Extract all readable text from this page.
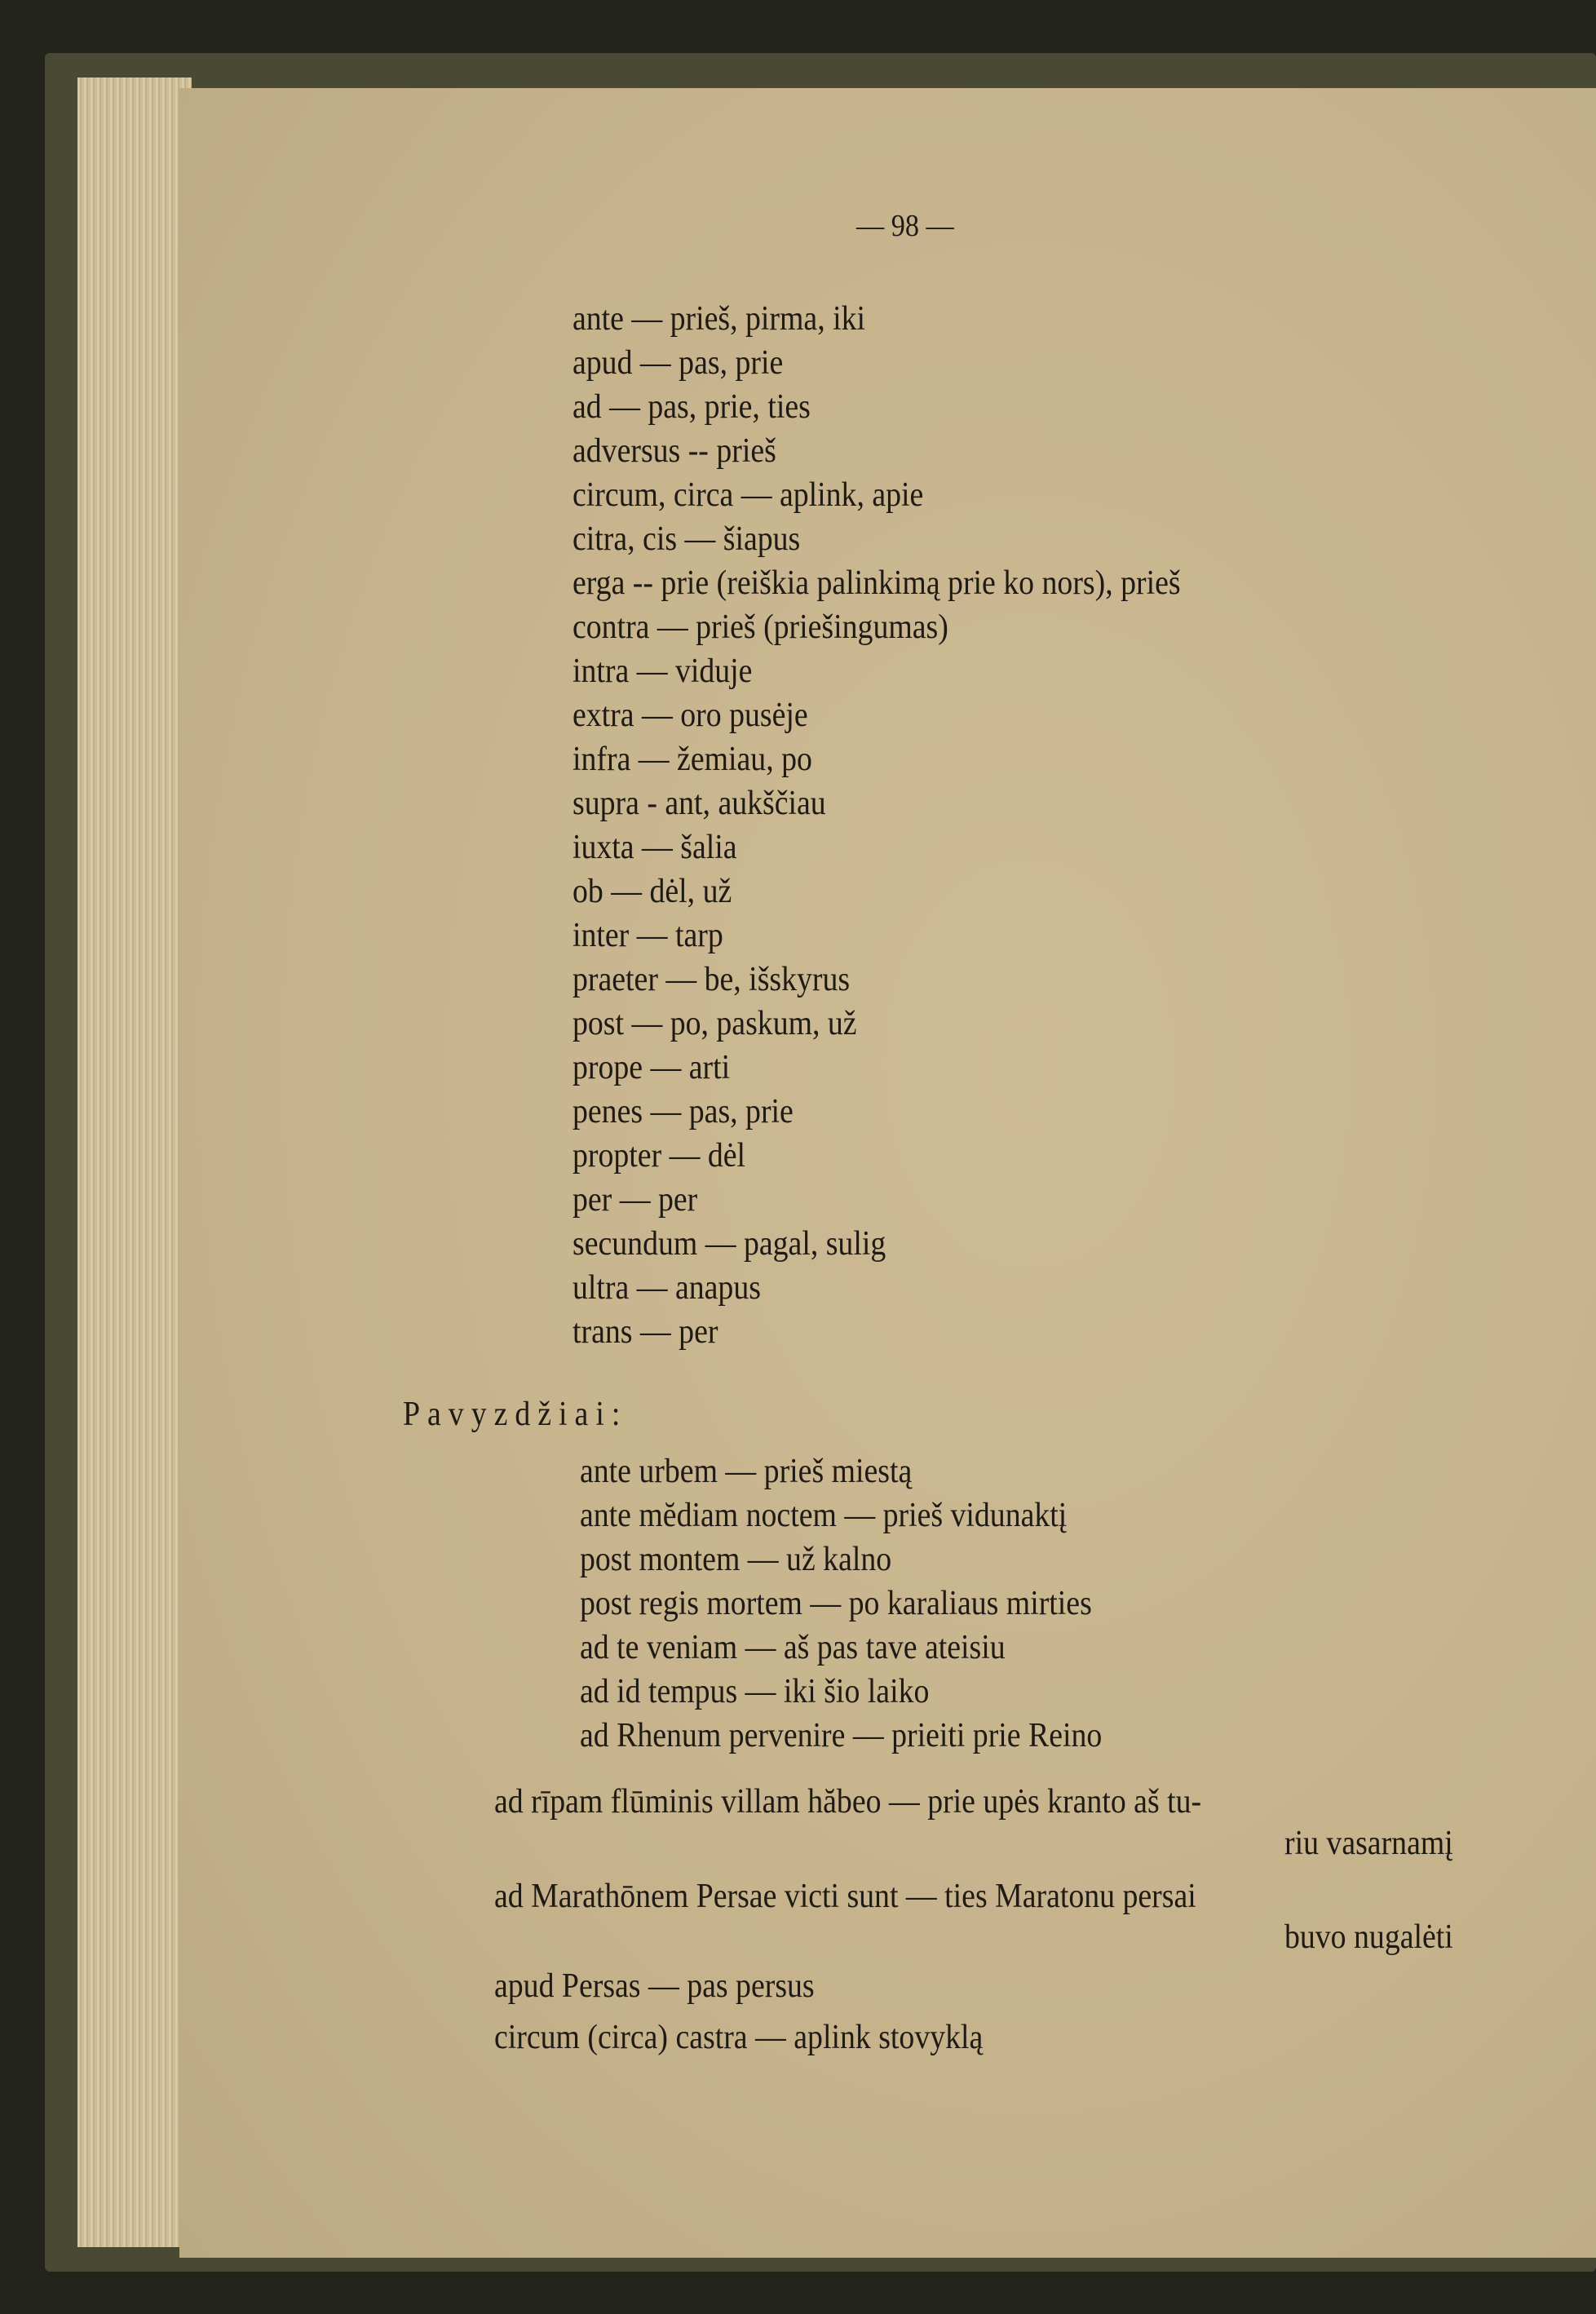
— 98 —
ante — prieš, pirma, iki
apud — pas, prie
ad — pas, prie, ties
adversus -- prieš
circum, circa — aplink, apie
citra, cis — šiapus
erga -- prie (reiškia palinkimą prie ko nors), prieš
contra — prieš (priešingumas)
intra — viduje
extra — oro pusėje
infra — žemiau, po
supra - ant, aukščiau
iuxta — šalia
ob — dėl, už
inter — tarp
praeter — be, išskyrus
post — po, paskum, už
prope — arti
penes — pas, prie
propter — dėl
per — per
secundum — pagal, sulig
ultra — anapus
trans — per
Pavyzdžiai:
ante urbem — prieš miestą
ante mĕdiam noctem — prieš vidunaktį
post montem — už kalno
post regis mortem — po karaliaus mirties
ad te veniam — aš pas tave ateisiu
ad id tempus — iki šio laiko
ad Rhenum pervenire — prieiti prie Reino
ad rīpam flūminis villam hăbeo — prie upės kranto aš tu-
riu vasarnamį
ad Marathōnem Persae victi sunt — ties Maratonu persai
buvo nugalėti
apud Persas — pas persus
circum (circa) castra — aplink stovyklą
